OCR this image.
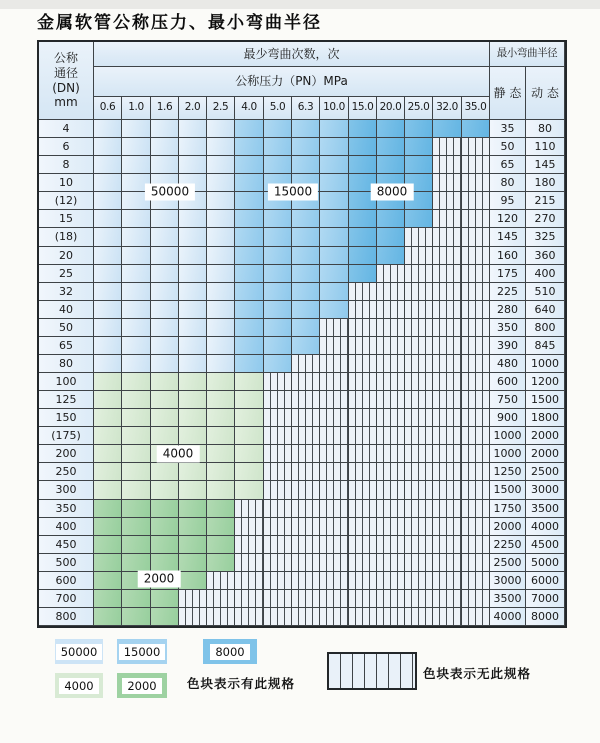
金属软管公称压力、最小弯曲半径
公称
通径
(DN)
mm
最少弯曲次数，次	最小弯曲半径
公称压力（PN）MPa
静 态 动 态
0.6	1.0	1.6	2.0	2.5	4.0	5.0	6.3 10.0 15.0 20.0 25.0 32.0 35.0
4	35	80
6	50	110
8	65	145
10	80	180
(12)	95	215
15	120	270
(18)	145	325
20	160	360
25	175	400
32	225	510
40	280	640
50	350	800
65	390	845
80	480	1000
100	600	1200
125	750	1500
150	900	1800
(175)	1000 2000
200	1000 2000
250	1250 2500
300	1500 3000
350	1750 3500
400	2000 4000
450	2250 4500
500	2500 5000
600	3000 6000
700	3500 7000
800	4000 8000
50000	15000	8000
4000
2000
色块表示有此规格
色块表示无此规格
50000	15000	8000
4000	2000
